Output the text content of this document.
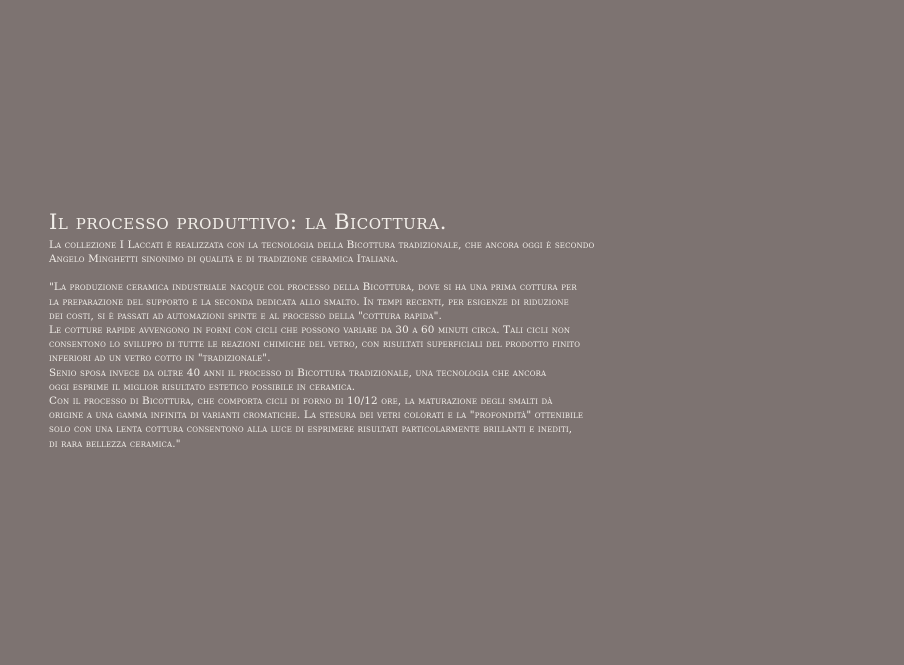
Il processo produttivo: la Bicottura.

La collezione I Laccati è realizzata con la tecnologia della Bicottura tradizionale, che ancora oggi è secondo

Angelo Minghetti sinonimo di qualità e di tradizione ceramica Italiana.

"La produzione ceramica industriale nacque col processo della Bicottura, dove si ha una prima cottura per

la preparazione del supporto e la seconda dedicata allo smalto. In tempi recenti, per esigenze di riduzione

dei costi, si è passati ad automazioni spinte e al processo della "cottura rapida".

Le cotture rapide avvengono in forni con cicli che possono variare da 30 a 60 minuti circa. Tali cicli non

consentono lo sviluppo di tutte le reazioni chimiche del vetro, con risultati superficiali del prodotto finito

inferiori ad un vetro cotto in "tradizionale".

Senio sposa invece da oltre 40 anni il processo di Bicottura tradizionale, una tecnologia che ancora

oggi esprime il miglior risultato estetico possibile in ceramica.

Con il processo di Bicottura, che comporta cicli di forno di 10/12 ore, la maturazione degli smalti dà

origine a una gamma infinita di varianti cromatiche. La stesura dei vetri colorati e la "profondità" ottenibile

solo con una lenta cottura consentono alla luce di esprimere risultati particolarmente brillanti e inediti,

di rara bellezza ceramica."
